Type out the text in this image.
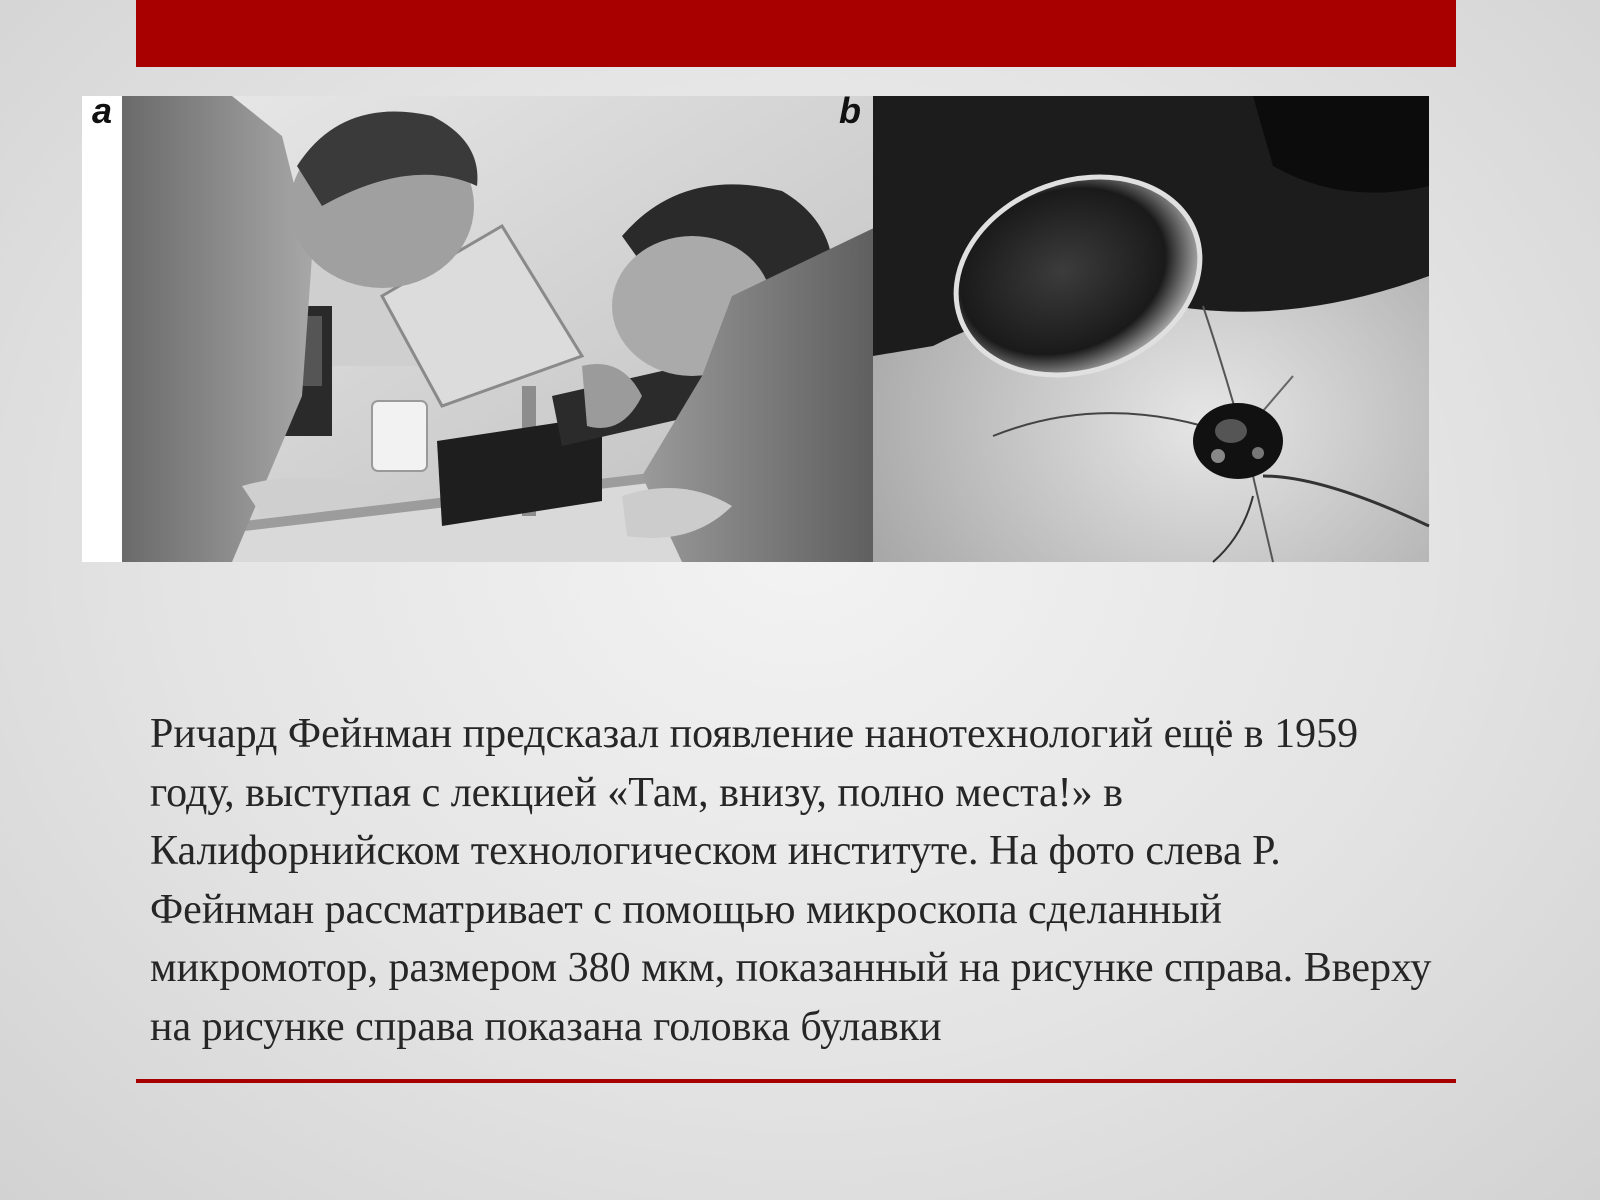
a	b

Ричард Фейнман предсказал появление нанотехнологий ещё в 1959 году, выступая с лекцией «Там, внизу, полно места!» в Калифорнийском технологическом институте. На фото слева Р. Фейнман рассматривает с помощью микроскопа сделанный микромотор, размером 380 мкм, показанный на рисунке справа. Вверху на рисунке справа показана головка булавки
